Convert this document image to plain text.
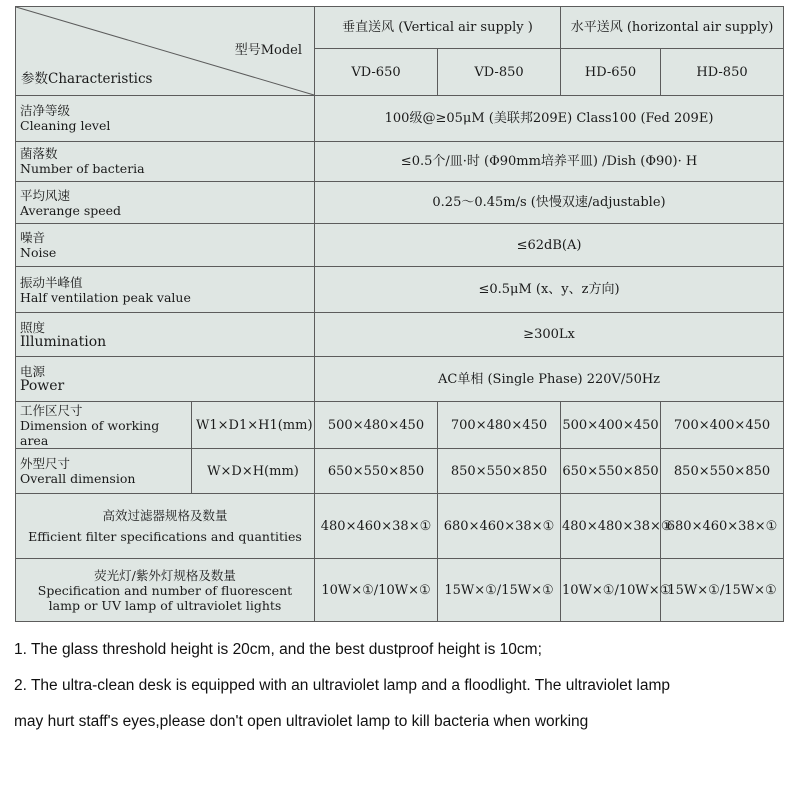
型号Model
参数Characteristics		垂直送风 (Vertical air supply )		水平送风 (horizontal air supply)	
		VD-650	VD-850	HD-650	HD-850

洁净等级
Cleaning level		100级@≥05μM (美联邦209E) Class100 (Fed 209E)			

菌落数
Number of bacteria		≤0.5个/皿·时 (Φ90mm培养平皿) /Dish (Φ90)· H			

平均风速
Averange speed		0.25～0.45m/s (快慢双速/adjustable)			

噪音
Noise		≤62dB(A)			

振动半峰值
Half ventilation peak value		≤0.5μM (x、y、z方向)			

照度
Illumination		≥300Lx			

电源
Power		AC单相 (Single Phase) 220V/50Hz			

工作区尺寸
Dimension of working area	W1×D1×H1(mm)	500×480×450	700×480×450	500×400×450	700×400×450

外型尺寸
Overall dimension	W×D×H(mm)	650×550×850	850×550×850	650×550×850	850×550×850

高效过滤器规格及数量
Efficient filter specifications and quantities		480×460×38×①	680×460×38×①	480×480×38×①	680×460×38×①

荧光灯/紫外灯规格及数量
Specification and number of fluorescent
lamp or UV lamp of ultraviolet lights		10W×①/10W×①	15W×①/15W×①	10W×①/10W×①	15W×①/15W×①
1. The glass threshold height is 20cm, and the best dustproof height is 10cm;
2. The ultra-clean desk is equipped with an ultraviolet lamp and a floodlight. The ultraviolet lamp
may hurt staff's eyes,please don't open ultraviolet lamp to kill bacteria when working
